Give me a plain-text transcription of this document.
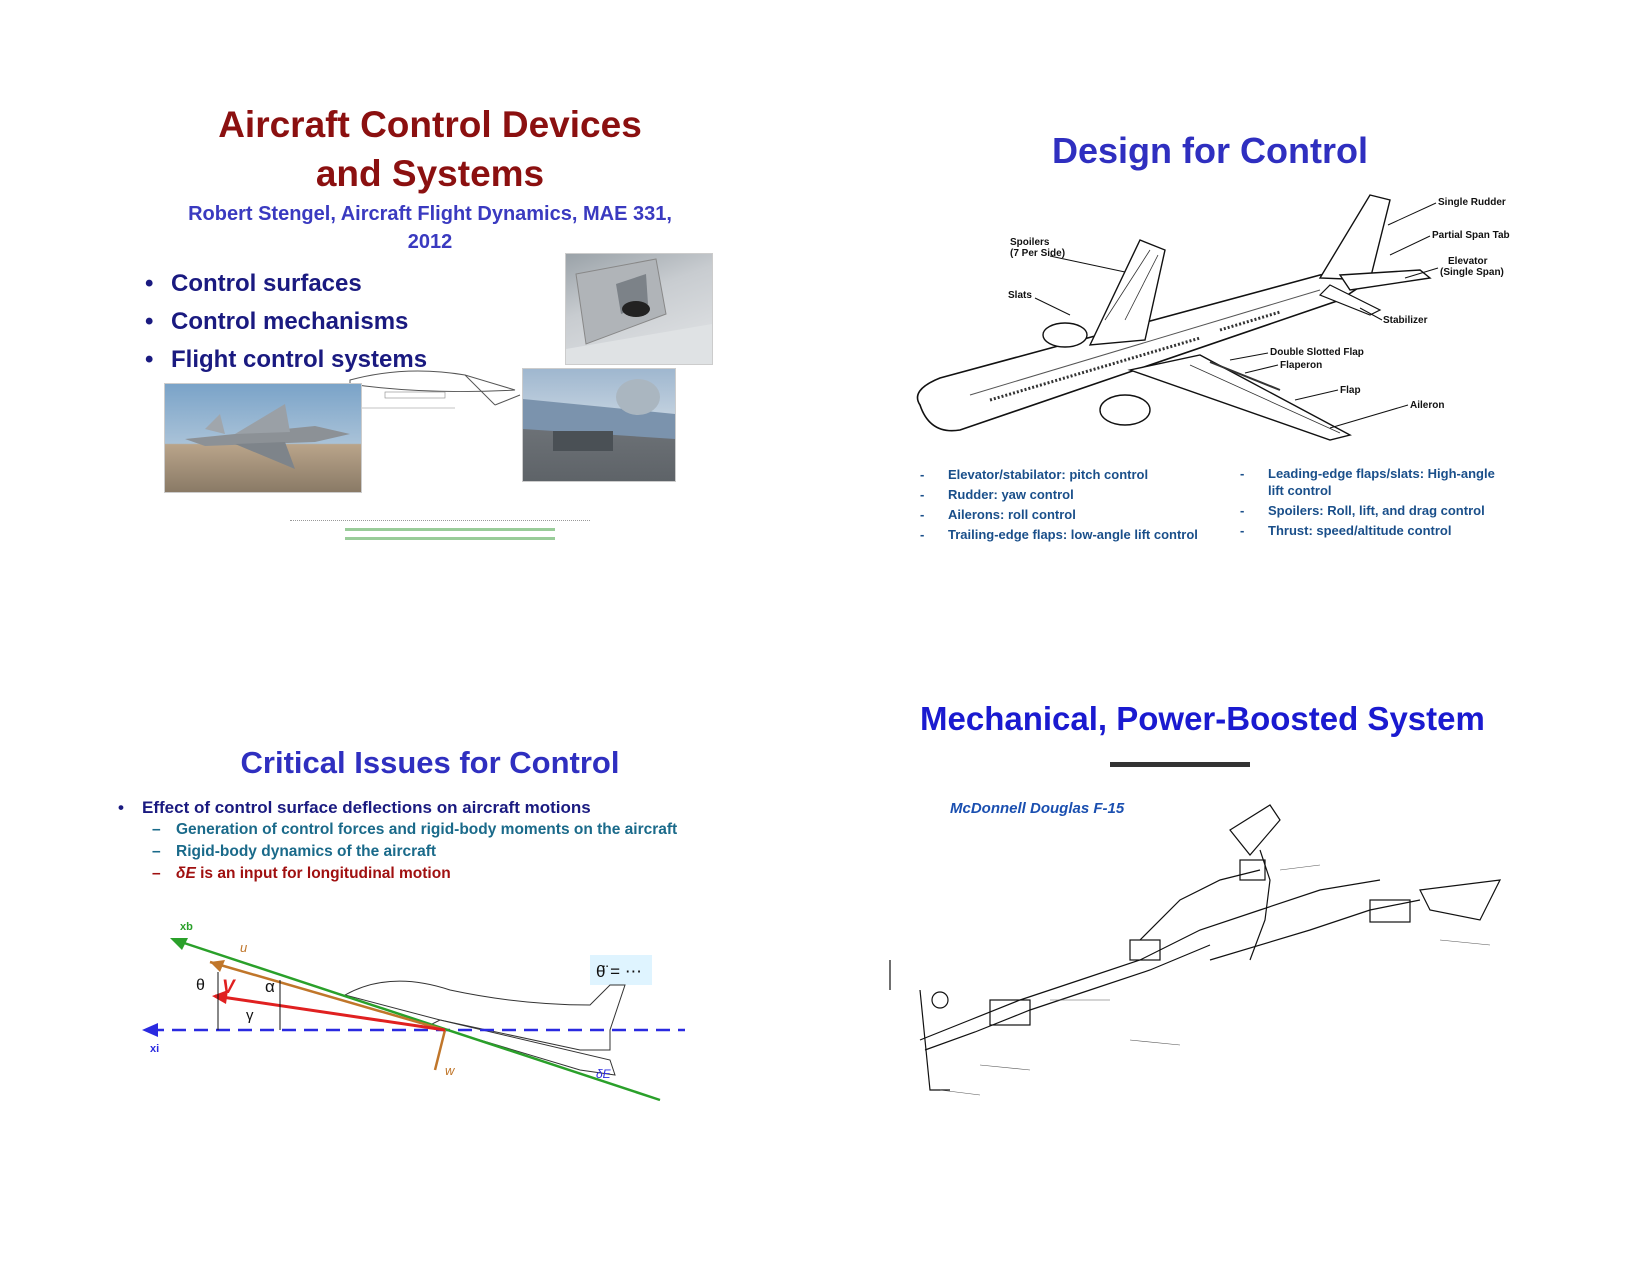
Aircraft Control Devices
and Systems
Robert Stengel, Aircraft Flight Dynamics, MAE 331,
2012
• Control surfaces
• Control mechanisms
• Flight control systems
Design for Control
Spoilers
(7 Per Side)
Slats
Single Rudder
Partial Span Tab
Elevator
(Single Span)
Stabilizer
Double Slotted Flap
Flaperon
Flap
Aileron
- Elevator/stabilator: pitch control
- Rudder: yaw control
- Ailerons: roll control
- Trailing-edge flaps: low-angle lift control
- Leading-edge flaps/slats: High-angle
lift control
- Spoilers: Roll, lift, and drag control
- Thrust: speed/altitude control
Critical Issues for Control
• Effect of control surface deflections on aircraft motions
– Generation of control forces and rigid-body moments on the aircraft
– Rigid-body dynamics of the aircraft
– δE is an input for longitudinal motion
θ̈ = ⋯
xi
xb
u
w
V
θ	α
γ
δE
Mechanical, Power-Boosted System
McDonnell Douglas F-15
